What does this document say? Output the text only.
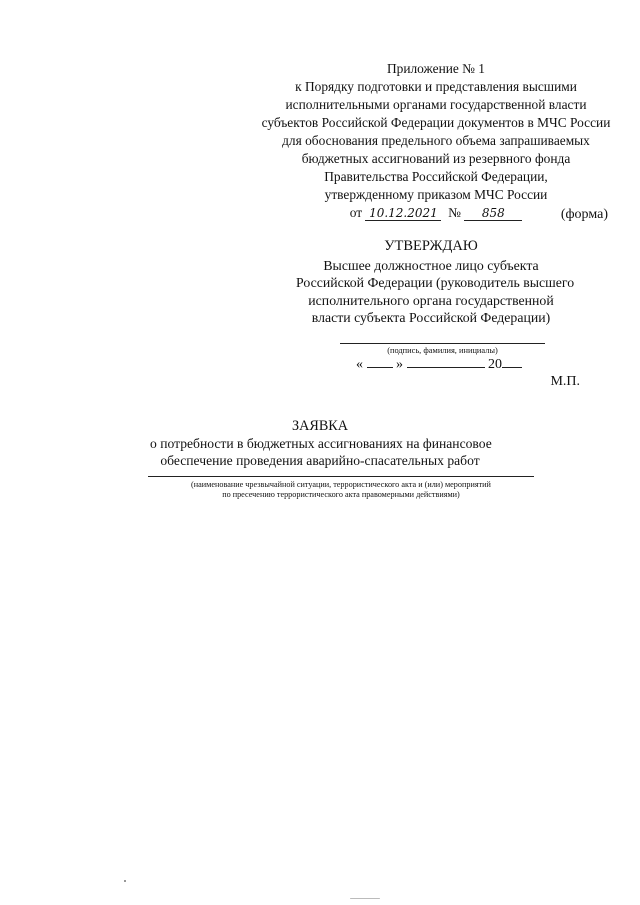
Приложение № 1
к Порядку подготовки и представления высшими
исполнительными органами государственной власти
субъектов Российской Федерации документов в МЧС России
для обоснования предельного объема запрашиваемых
бюджетных ассигнований из резервного фонда
Правительства Российской Федерации,
утвержденному приказом МЧС России
от 10.12.2021 № 858	(форма)
УТВЕРЖДАЮ
Высшее должностное лицо субъекта
Российской Федерации (руководитель высшего
исполнительного органа государственной
власти субъекта Российской Федерации)
(подпись, фамилия, инициалы)
« »	20
М.П.
ЗАЯВКА
о потребности в бюджетных ассигнованиях на финансовое
обеспечение проведения аварийно-спасательных работ
(наименование чрезвычайной ситуации, террористического акта и (или) мероприятий
по пресечению террористического акта правомерными действиями)
